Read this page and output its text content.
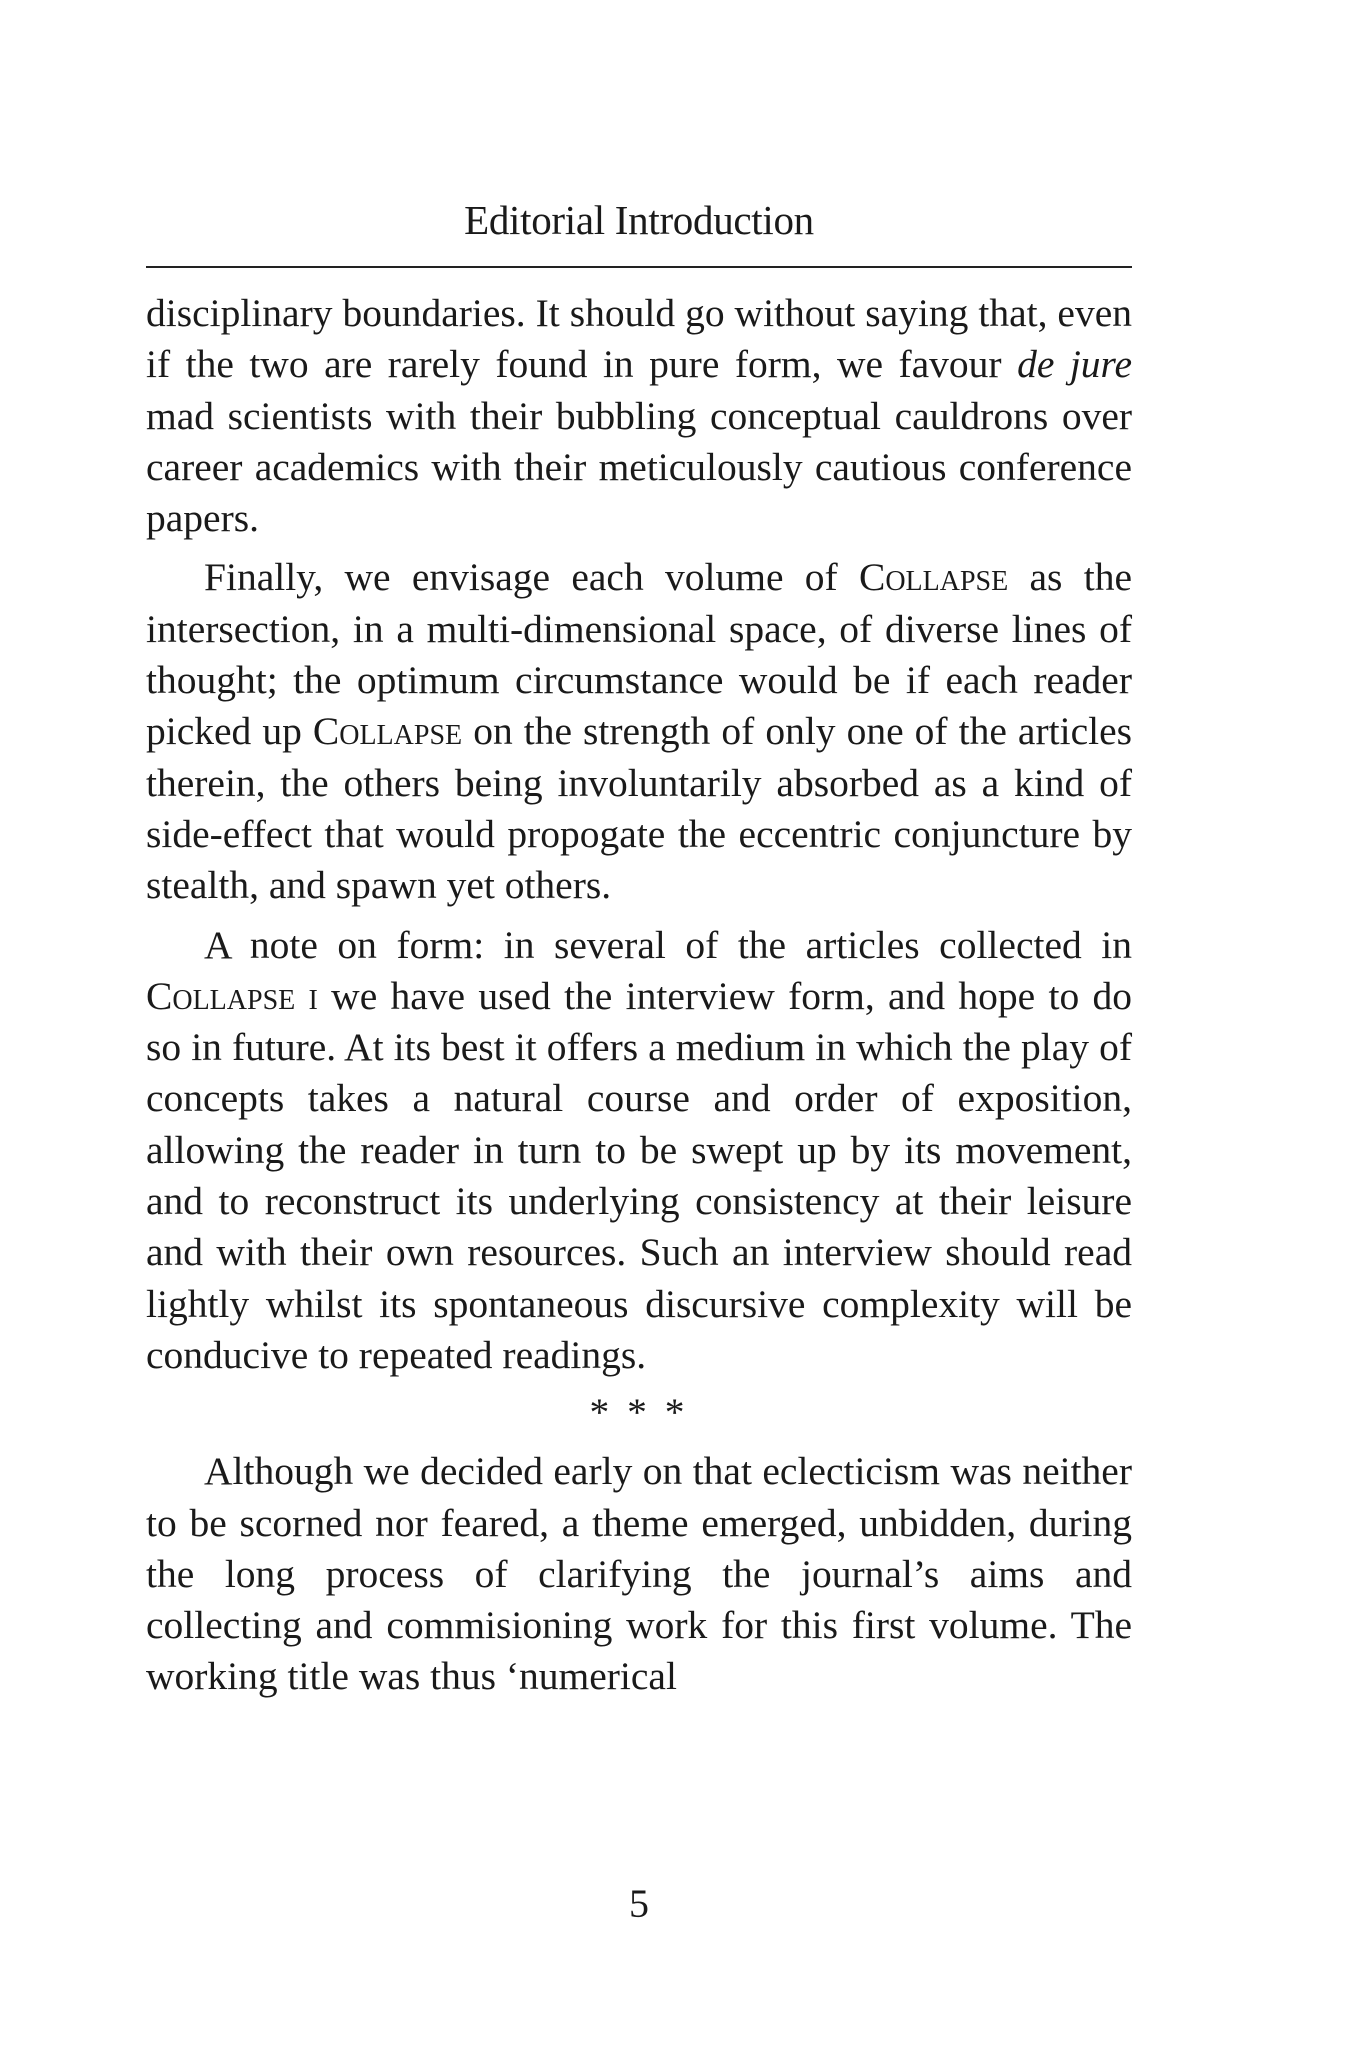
Editorial Introduction

disciplinary boundaries. It should go without saying that, even if the two are rarely found in pure form, we favour de jure mad scientists with their bubbling conceptual cauldrons over career academics with their meticulously cautious conference papers.

Finally, we envisage each volume of Collapse as the intersection, in a multi-dimensional space, of diverse lines of thought; the optimum circumstance would be if each reader picked up Collapse on the strength of only one of the articles therein, the others being involuntarily absorbed as a kind of side-effect that would propogate the eccentric conjuncture by stealth, and spawn yet others.

A note on form: in several of the articles collected in Collapse i we have used the interview form, and hope to do so in future. At its best it offers a medium in which the play of concepts takes a natural course and order of exposition, allowing the reader in turn to be swept up by its movement, and to reconstruct its underlying consistency at their leisure and with their own resources. Such an interview should read lightly whilst its spontaneous discursive complexity will be conducive to repeated readings.

* * *

Although we decided early on that eclecticism was neither to be scorned nor feared, a theme emerged, unbidden, during the long process of clarifying the journal’s aims and collecting and commisioning work for this first volume. The working title was thus ‘numerical

5
